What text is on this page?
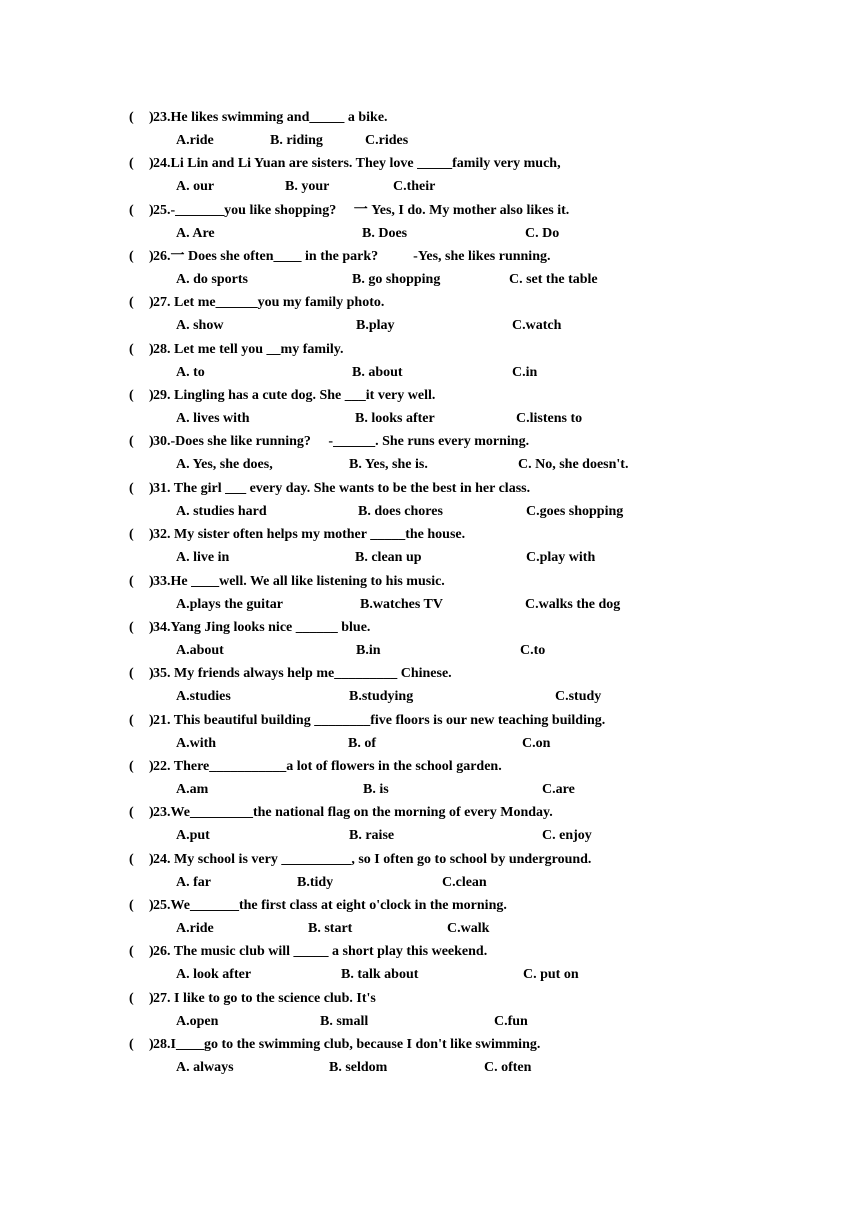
( ) 23.He likes swimming and_____ a bike.
A.ride	B. riding	C.rides
( ) 24.Li Lin and Li Yuan are sisters. They love _____family very much,
A. our	B. your	C.their
( ) 25.-_______you like shopping?     一 Yes, I do. My mother also likes it.
A. Are	B. Does	C. Do
( ) 26.一 Does she often____ in the park?          -Yes, she likes running.
A. do sports	B. go shopping	C. set the table
( ) 27. Let me______you my family photo.
A. show	B.play	C.watch
( ) 28. Let me tell you __my family.
A. to	B. about	C.in
( ) 29. Lingling has a cute dog. She ___it very well.
A. lives with	B. looks after	C.listens to
( ) 30.-Does she like running?     -______. She runs every morning.
A. Yes, she does,	B. Yes, she is.	C. No, she doesn't.
( ) 31. The girl ___ every day. She wants to be the best in her class.
A. studies hard	B. does chores	C.goes shopping
( ) 32. My sister often helps my mother _____the house.
A. live in	B. clean up	C.play with
( ) 33.He ____well. We all like listening to his music.
A.plays the guitar	B.watches TV	C.walks the dog
( ) 34.Yang Jing looks nice ______ blue.
A.about	B.in	C.to
( ) 35. My friends always help me_________ Chinese.
A.studies	B.studying	C.study
( ) 21. This beautiful building ________five floors is our new teaching building.
A.with	B. of	C.on
( ) 22. There___________a lot of flowers in the school garden.
A.am	B. is	C.are
( ) 23.We_________the national flag on the morning of every Monday.
A.put	B. raise	C. enjoy
( ) 24. My school is very __________, so I often go to school by underground.
A. far	B.tidy	C.clean
( ) 25.We_______the first class at eight o'clock in the morning.
A.ride	B. start	C.walk
( ) 26. The music club will _____ a short play this weekend.
A. look after	B. talk about	C. put on
( ) 27. I like to go to the science club. It's
A.open	B. small	C.fun
( ) 28.I____go to the swimming club, because I don't like swimming.
A. always	B. seldom	C. often
